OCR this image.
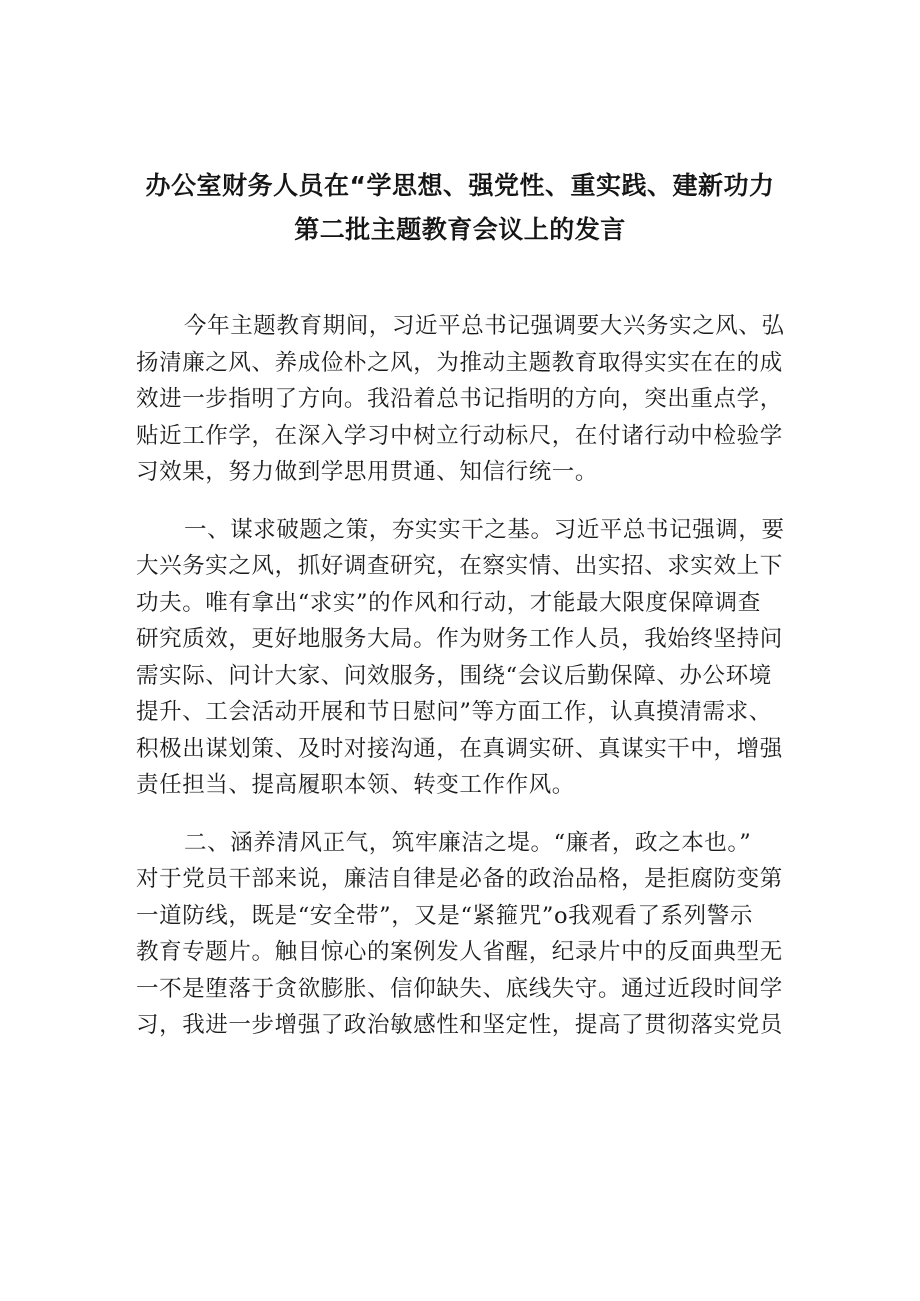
办公室财务人员在“学思想、强党性、重实践、建新功力
第二批主题教育会议上的发言
今年主题教育期间，习近平总书记强调要大兴务实之风、弘
扬清廉之风、养成俭朴之风，为推动主题教育取得实实在在的成
效进一步指明了方向。我沿着总书记指明的方向，突出重点学，
贴近工作学，在深入学习中树立行动标尺，在付诸行动中检验学
习效果，努力做到学思用贯通、知信行统一。
一、谋求破题之策，夯实实干之基。习近平总书记强调，要
大兴务实之风，抓好调查研究，在察实情、出实招、求实效上下
功夫。唯有拿出“求实”的作风和行动，才能最大限度保障调查
研究质效，更好地服务大局。作为财务工作人员，我始终坚持问
需实际、问计大家、问效服务，围绕“会议后勤保障、办公环境
提升、工会活动开展和节日慰问”等方面工作，认真摸清需求、
积极出谋划策、及时对接沟通，在真调实研、真谋实干中，增强
责任担当、提高履职本领、转变工作作风。
二、涵养清风正气，筑牢廉洁之堤。“廉者，政之本也。”
对于党员干部来说，廉洁自律是必备的政治品格，是拒腐防变第
一道防线，既是“安全带”，又是“紧箍咒”o我观看了系列警示
教育专题片。触目惊心的案例发人省醒，纪录片中的反面典型无
一不是堕落于贪欲膨胀、信仰缺失、底线失守。通过近段时间学
习，我进一步增强了政治敏感性和坚定性，提高了贯彻落实党员
